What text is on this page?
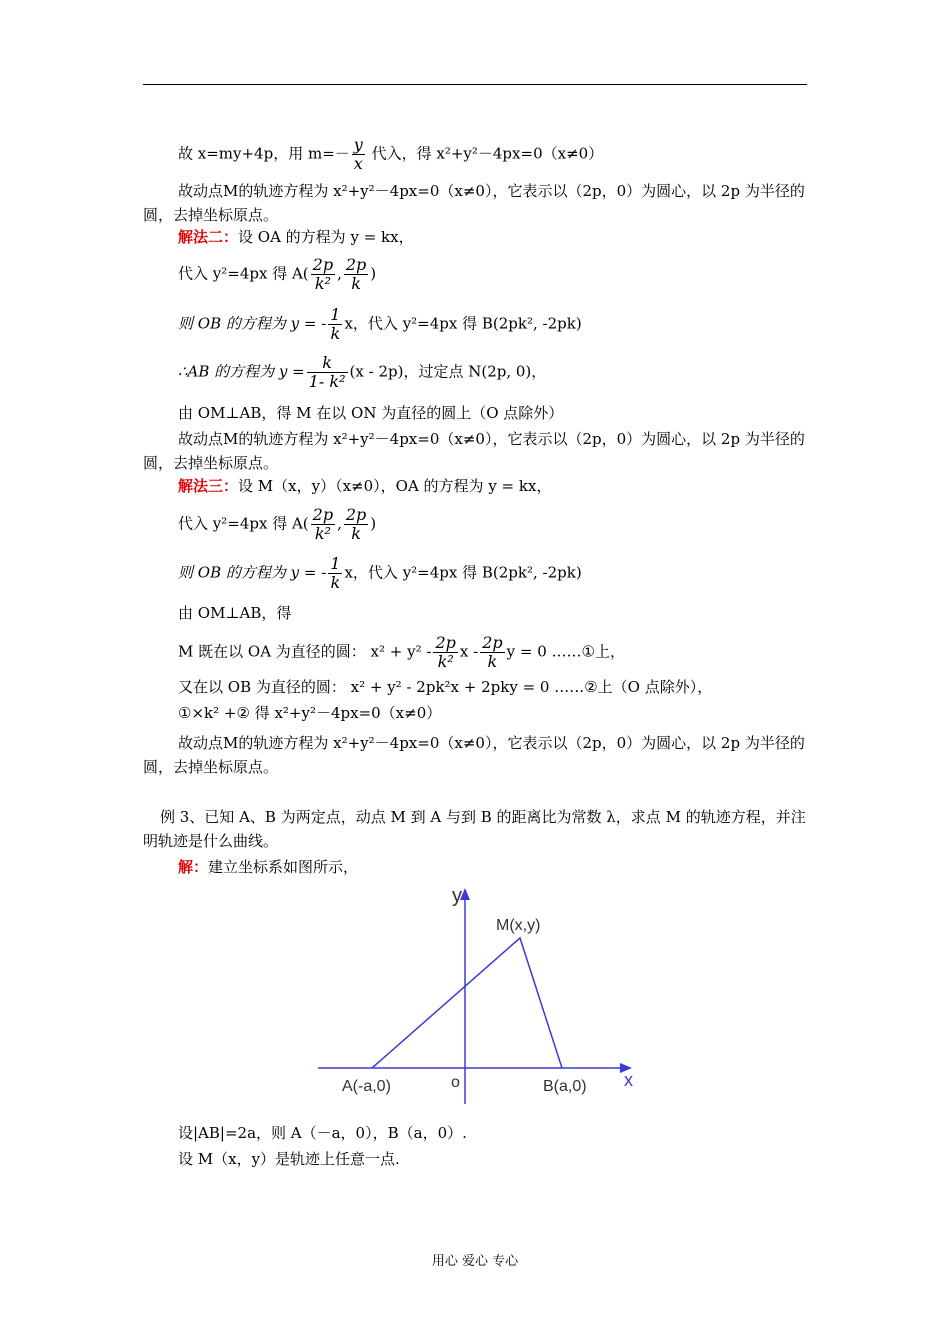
故 x=my+4p，用 $m=- \frac{y}{x}$ 代入，得 x²+y²－4px=0（x≠0）
故动点M的轨迹方程为 x²+y²－4px=0（x≠0），它表示以（2p，0）为圆心，以 2p 为半径的
圆，去掉坐标原点。
解法二：设 OA 的方程为 y = kx，
代入 y²=4px 得 $A( \frac{2p}{\text{k²}}$ , $\frac{2p}{k}$ )
则 OB 的方程为 y = - $\frac{1}{k}$ x，代入 y²=4px 得 B(2pk², -2pk)
∴AB 的方程为 $y = \frac{k}{\text{1- k²}} (x - 2p)$，过定点 N(2p, 0)，
由 OM⊥AB，得 M 在以 ON 为直径的圆上（O 点除外）
故动点M的轨迹方程为 x²+y²－4px=0（x≠0），它表示以（2p，0）为圆心，以 2p 为半径的
圆，去掉坐标原点。
解法三：设 M（x，y）（x≠0），OA 的方程为 y = kx，
代入 y²=4px 得 $A( \frac{2p}{\text{k²}}$ , $\frac{2p}{k}$ )
则 OB 的方程为 y = - $\frac{1}{k}$ x，代入 y²=4px 得 B(2pk², -2pk)
由 OM⊥AB，得
M 既在以 OA 为直径的圆： $x^2 + y^2 - \frac{2p}{\text{k²}}$ x - $\frac{2p}{k}$ y = 0 ……①上，
又在以 OB 为直径的圆： x² + y² - 2pk²x + 2pky = 0 ……②上（O 点除外），
①×k² +② 得 x²+y²－4px=0（x≠0）
故动点M的轨迹方程为 x²+y²－4px=0（x≠0），它表示以（2p，0）为圆心，以 2p 为半径的
圆，去掉坐标原点。
例 3、已知 A、B 为两定点，动点 M 到 A 与到 B 的距离比为常数 λ，求点 M 的轨迹方程，并注
明轨迹是什么曲线。
解：建立坐标系如图所示，
y
x
o
M(x,y)
A(-a,0)	B(a,0)
设|AB|=2a，则 A（－a，0），B（a，0）.
设 M（x，y）是轨迹上任意一点.
用心 爱心 专心
